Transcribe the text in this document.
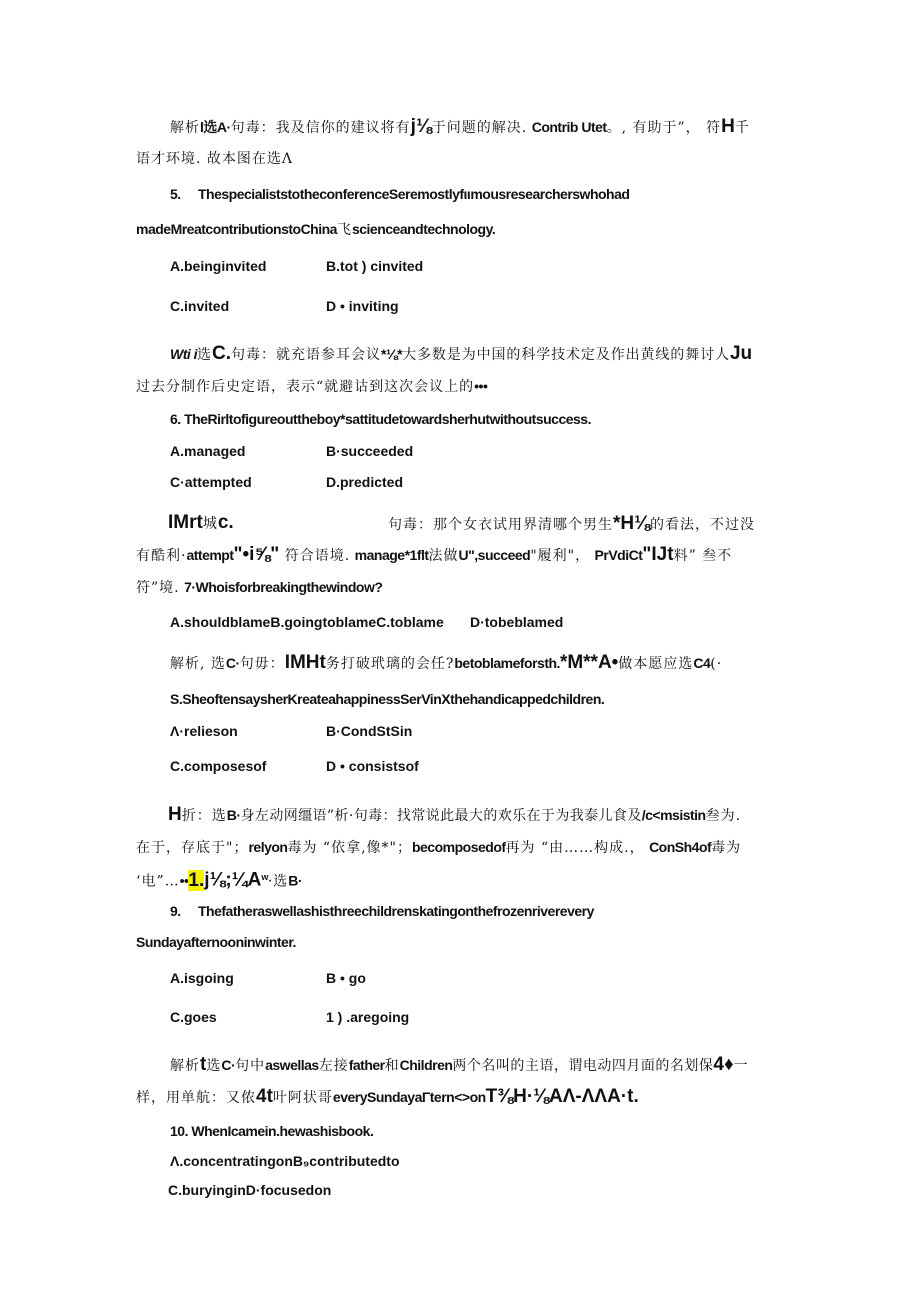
解析l选A·句毒：我及信你的建议将有j⅛于问题的解决. Contrib Utet。, 有助于”， 符H千
语才环境. 故本图在选Λ
5. ThespecialiststotheconferenceSeremostlyfιιmousresearcherswhohad
madeMreatcontributionstoChina飞scienceandtechnology.
A.beinginvited	B.tot ) cinvited
C.invited	D • inviting
Wti i选C.句毒：就充语参耳会议*⅛*大多数是为中国的科学技术定及作出黄线的舞讨人Ju
过去分制作后史定语，表示“就避诂到这次会议上的•••
6. TheRirltofigureouttheboy*sattitudetowardsherhutwithoutsuccess.
A.managed	B·succeeded
C·attempted	D.predicted
IMrt城c.	句毒：那个女衣试用界清哪个男生*H⅛的看法，不过没
有酷利·attempt"•i⅝" 符合语境. manage*1flt法做U",succeed"履利"， PrVdiCt"IJt料” 叁不
符”境. 7·Whoisforbreakingthewindow?
A.shouldblameB.goingtoblameC.toblame D·tobeblamed
解析, 选C·句毋：IMHt务打破玳璃的会任?betoblameforsth.*M**A•做本愿应选C4(·
S.SheoftensaysherKreateahappinessSerVinXthehandicappedchildren.
Λ·relieson	B·CondStSin
C.composesof	D • consistsof
H折：选B·身左动网缰语”析·句毒：找常说此最大的欢乐在于为我泰儿食及/c<msistin叁为.
在于，存底于"；relyon毒为 “依拿,像*"；becomposedof再为 “由……构成.， ConSh4of毒为
‘电$”\dots••1.j\frac{1}{8};\frac{1}{4}A^w\cdot$选B·
9. Thefatheraswellashisthreechildrenskatingonthefrozenriverevery
Sundayafternooninwinter.
A.isgoing	B • go
C.goes	1 ) .aregoing
解析t选C·句中aswellas左接father和Children两个名叫的主语，谓电动四月面的名划保4♦一
样，用单航：又侬4t叶阿状哥everySundayaΓtern<>onT⅜H·⅛AΛ-ΛΛA·t.
10. WhenIcamein.hewashisbook.
Λ.concentratingonB₉contributedto
C.buryinginD·focusedon
